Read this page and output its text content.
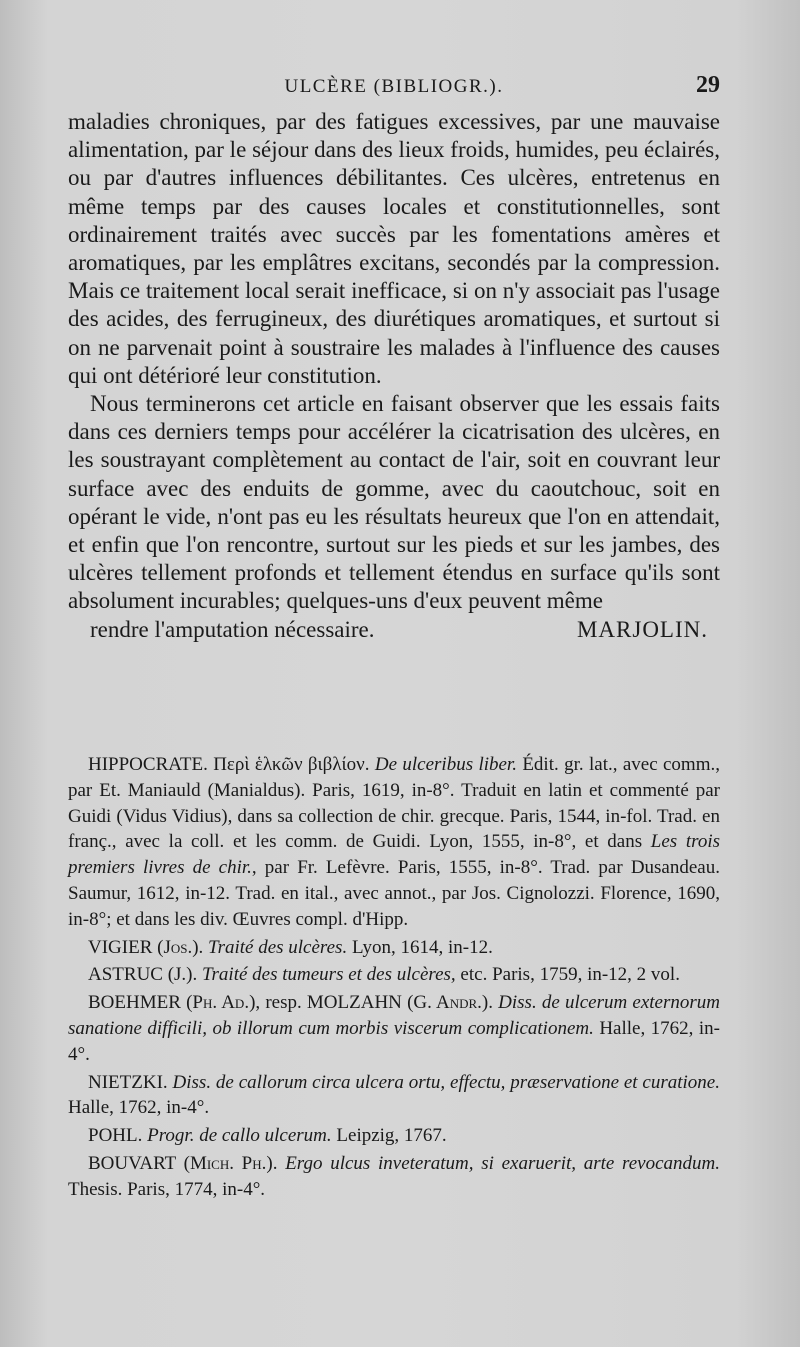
ULCÈRE (BIBLIOGR.).	29

maladies chroniques, par des fatigues excessives, par une mauvaise alimentation, par le séjour dans des lieux froids, humides, peu éclairés, ou par d'autres influences débilitantes. Ces ulcères, entretenus en même temps par des causes locales et constitutionnelles, sont ordinairement traités avec succès par les fomentations amères et aromatiques, par les emplâtres excitans, secondés par la compression. Mais ce traitement local serait inefficace, si on n'y associait pas l'usage des acides, des ferrugineux, des diurétiques aromatiques, et surtout si on ne parvenait point à soustraire les malades à l'influence des causes qui ont détérioré leur constitution.

Nous terminerons cet article en faisant observer que les essais faits dans ces derniers temps pour accélérer la cicatrisation des ulcères, en les soustrayant complètement au contact de l'air, soit en couvrant leur surface avec des enduits de gomme, avec du caoutchouc, soit en opérant le vide, n'ont pas eu les résultats heureux que l'on en attendait, et enfin que l'on rencontre, surtout sur les pieds et sur les jambes, des ulcères tellement profonds et tellement étendus en surface qu'ils sont absolument incurables; quelques-uns d'eux peuvent même
rendre l'amputation nécessaire.	MARJOLIN.

HIPPOCRATE. Περὶ ἑλκῶν βιβλίον. De ulceribus liber. Édit. gr. lat., avec comm., par Et. Maniauld (Manialdus). Paris, 1619, in-8°. Traduit en latin et commenté par Guidi (Vidus Vidius), dans sa collection de chir. grecque. Paris, 1544, in-fol. Trad. en franç., avec la coll. et les comm. de Guidi. Lyon, 1555, in-8°, et dans Les trois premiers livres de chir., par Fr. Lefèvre. Paris, 1555, in-8°. Trad. par Dusandeau. Saumur, 1612, in-12. Trad. en ital., avec annot., par Jos. Cignolozzi. Florence, 1690, in-8°; et dans les div. Œuvres compl. d'Hipp.

VIGIER (Jos.). Traité des ulcères. Lyon, 1614, in-12.

ASTRUC (J.). Traité des tumeurs et des ulcères, etc. Paris, 1759, in-12, 2 vol.

BOEHMER (Ph. Ad.), resp. MOLZAHN (G. Andr.). Diss. de ulcerum externorum sanatione difficili, ob illorum cum morbis viscerum complicationem. Halle, 1762, in-4°.

NIETZKI. Diss. de callorum circa ulcera ortu, effectu, præservatione et curatione. Halle, 1762, in-4°.

POHL. Progr. de callo ulcerum. Leipzig, 1767.

BOUVART (Mich. Ph.). Ergo ulcus inveteratum, si exaruerit, arte revocandum. Thesis. Paris, 1774, in-4°.
